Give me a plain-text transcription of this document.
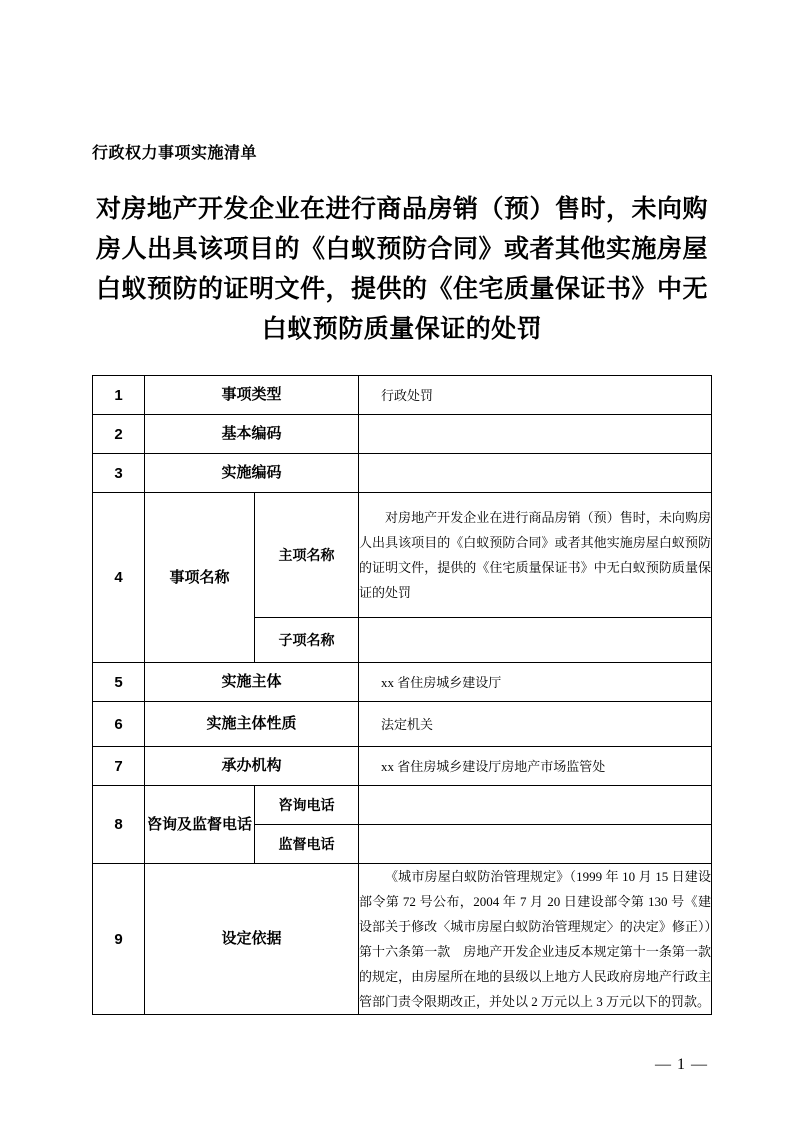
行政权力事项实施清单
对房地产开发企业在进行商品房销（预）售时，未向购房人出具该项目的《白蚁预防合同》或者其他实施房屋白蚁预防的证明文件，提供的《住宅质量保证书》中无白蚁预防质量保证的处罚
1	事项类型		行政处罚
2	基本编码		
3	实施编码		
4	事项名称	主项名称	对房地产开发企业在进行商品房销（预）售时，未向购房人出具该项目的《白蚁预防合同》或者其他实施房屋白蚁预防的证明文件，提供的《住宅质量保证书》中无白蚁预防质量保证的处罚
		子项名称	
5	实施主体		xx 省住房城乡建设厅
6	实施主体性质		法定机关
7	承办机构		xx 省住房城乡建设厅房地产市场监管处
8	咨询及监督电话	咨询电话	
		监督电话	
9	设定依据		《城市房屋白蚁防治管理规定》（1999 年 10 月 15 日建设部令第 72 号公布，2004 年 7 月 20 日建设部令第 130 号《建设部关于修改〈城市房屋白蚁防治管理规定〉的决定》修正））第十六条第一款　房地产开发企业违反本规定第十一条第一款的规定，由房屋所在地的县级以上地方人民政府房地产行政主管部门责令限期改正，并处以 2 万元以上 3 万元以下的罚款。
— 1 —
